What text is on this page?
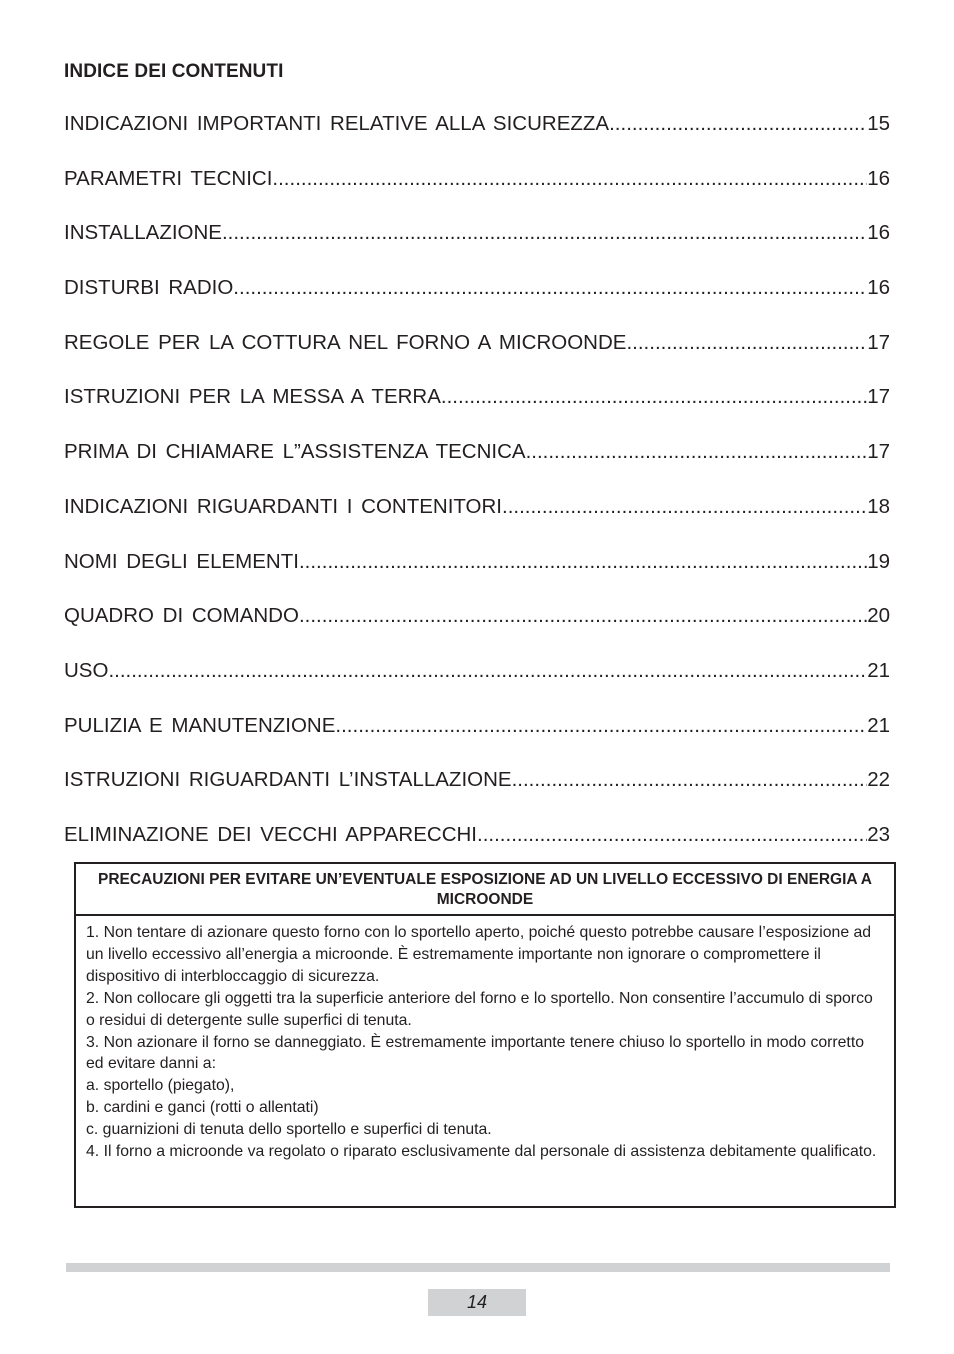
INDICE DEI CONTENUTI
INDICAZIONI IMPORTANTI RELATIVE ALLA SICUREZZA .....	15
PARAMETRI TECNICI .....	16
INSTALLAZIONE .....	16
DISTURBI RADIO .....	16
REGOLE PER LA COTTURA NEL FORNO A MICROONDE .....	17
ISTRUZIONI PER LA MESSA A TERRA .....	17
PRIMA DI CHIAMARE L”ASSISTENZA TECNICA .....	17
INDICAZIONI RIGUARDANTI I CONTENITORI .....	18
NOMI DEGLI ELEMENTI .....	19
QUADRO DI COMANDO .....	20
USO .....	21
PULIZIA E MANUTENZIONE .....	21
ISTRUZIONI RIGUARDANTI L’INSTALLAZIONE .....	22
ELIMINAZIONE DEI VECCHI APPARECCHI .....	23
PRECAUZIONI PER EVITARE UN’EVENTUALE ESPOSIZIONE AD UN LIVELLO ECCESSIVO DI ENERGIA A MICROONDE

1. Non tentare di azionare questo forno con lo sportello aperto, poiché questo potrebbe causare l’esposizione ad un livello eccessivo all’energia a microonde. È estremamente importante non ignorare o compromettere il dispositivo di interbloccaggio di sicurezza.

2. Non collocare gli oggetti tra la superficie anteriore del forno e lo sportello. Non consentire l’accumulo di sporco o residui di detergente sulle superfici di tenuta.

3. Non azionare il forno se danneggiato. È estremamente importante tenere chiuso lo sportello in modo corretto ed evitare danni a:

a. sportello (piegato),

b. cardini e ganci (rotti o allentati)

c. guarnizioni di tenuta dello sportello e superfici di tenuta.

4. Il forno a microonde va regolato o riparato esclusivamente dal personale di assistenza debitamente qualificato.

14
